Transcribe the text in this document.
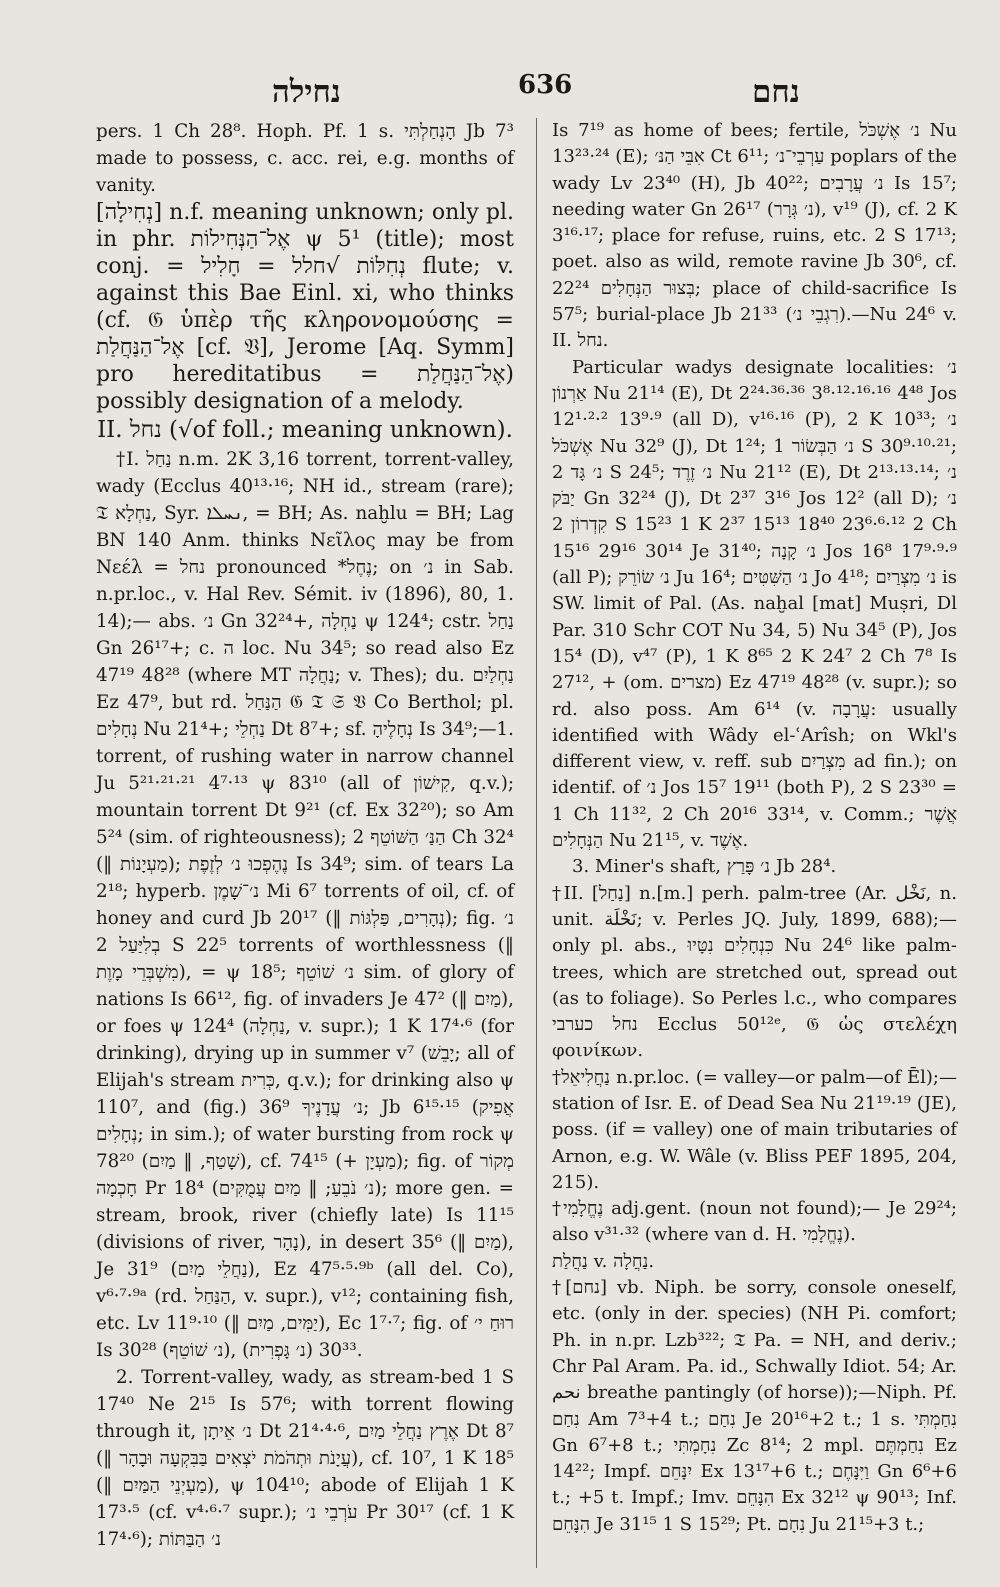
נחילה	636	נחם

pers. 1 Ch 28⁸. Hoph. Pf. 1 s. הָנְחַלְתִּי Jb 7³ made to possess, c. acc. rei, e.g. months of vanity.

[נְחִילָה] n.f. meaning unknown; only pl. in phr. אֶל־הַנְּחִילוֹת ψ 5¹ (title); most conj. = נְחִלּוֹת √חלל = חָלִיל flute; v. against this Bae Einl. xi, who thinks (cf. 𝔊 ὑπὲρ τῆς κληρονομούσης = אֶל־הַנַּחֲלַת [cf. 𝔙], Jerome [Aq. Symm] pro hereditatibus = אֶל־הַנַּחֲלַת) possibly designation of a melody.

II. נחל (√of foll.; meaning unknown).

†I. נַחַל n.m. 2K 3,16 torrent, torrent-valley, wady (Ecclus 40¹³·¹⁶; NH id., stream (rare); 𝔗 נַחְלָא, Syr. ܢܚܠܐ, = BH; As. naḫlu = BH; Lag BN 140 Anm. thinks Νεῖλος may be from Νεέλ = נחל pronounced *נֶחֶל; on נ׳ in Sab. n.pr.loc., v. Hal Rev. Sémit. iv (1896), 80, 1. 14);— abs. נ׳ Gn 32²⁴+, נַחְלָה ψ 124⁴; cstr. נַחַל Gn 26¹⁷+; c. ה loc. Nu 34⁵; so read also Ez 47¹⁹ 48²⁸ (where MT נַחֲלָה; v. Thes); du. נַחְלַיִם Ez 47⁹, but rd. הַנַּחַל 𝔊 𝔗 𝔖 𝔙 Co Berthol; pl. נְחָלִים Nu 21⁴+; נַחְלֵי Dt 8⁷+; sf. נְחָלֶיהָ Is 34⁹;—1. torrent, of rushing water in narrow channel Ju 5²¹·²¹·²¹ 4⁷·¹³ ψ 83¹⁰ (all of קִישׁוֹן, q.v.); mountain torrent Dt 9²¹ (cf. Ex 32²⁰); so Am 5²⁴ (sim. of righteousness); הַנַּ׳ הַשּׁוֹטֵף 2 Ch 32⁴ (‖ מַעְיָנוֹת); נֶהֶפְכוּ נ׳ לְזֶפֶת Is 34⁹; sim. of tears La 2¹⁸; hyperb. נ׳־שָׁמֶן Mi 6⁷ torrents of oil, cf. of honey and curd Jb 20¹⁷ (‖ נְהָרִים, פַּלְגּוֹת); fig. נ׳ בְלִיַּעַל 2 S 22⁵ torrents of worthlessness (‖ מִשְׁבְּרֵי מָוֶת), = ψ 18⁵; נ׳ שׁוֹטֵף sim. of glory of nations Is 66¹², fig. of invaders Je 47² (‖ מַיִם), or foes ψ 124⁴ (נַחְלָה, v. supr.); 1 K 17⁴·⁶ (for drinking), drying up in summer v⁷ (יָבֵשׁ; all of Elijah's stream כְּרִית, q.v.); for drinking also ψ 110⁷, and (fig.) נ׳ עֲדָנֶיךָ 36⁹; Jb 6¹⁵·¹⁵ (אֲפִיק נְחָלִים; in sim.); of water bursting from rock ψ 78²⁰ (שָׁטַף, ‖ מַיִם), cf. 74¹⁵ (+ מַעְיָן); fig. of מְקוֹר חָכְמָה Pr 18⁴ (נ׳ נֹבֵעַ; ‖ מַיִם עֲמֻקִּים); more gen. = stream, brook, river (chiefly late) Is 11¹⁵ (divisions of river, נָהָר), in desert 35⁶ (‖ מַיִם), Je 31⁹ (נַחֲלֵי מַיִם), Ez 47⁵·⁵·⁹ᵇ (all del. Co), v⁶·⁷·⁹ᵃ (rd. הַנַּחַל, v. supr.), v¹²; containing fish, etc. Lv 11⁹·¹⁰ (‖ יַמִּים, מַיִם), Ec 1⁷·⁷; fig. of רוּחַ י׳ Is 30²⁸ (נ׳ שׁוֹטֵף), 30³³ (נ׳ גָּפְרִית).

2. Torrent-valley, wady, as stream-bed 1 S 17⁴⁰ Ne 2¹⁵ Is 57⁶; with torrent flowing through it, נ׳ אֵיתָן Dt 21⁴·⁴·⁶, אֶרֶץ נַחֲלֵי מַיִם Dt 8⁷ (‖ עֲיָנֹת וּתְהֹמֹת יֹצְאִים בַּבִּקְעָה וּבָהָר), cf. 10⁷, 1 K 18⁵ (‖ מַעְיְנֵי הַמַּיִם), ψ 104¹⁰; abode of Elijah 1 K 17³·⁵ (cf. v⁴·⁶·⁷ supr.); עֹרְבֵי נ׳ Pr 30¹⁷ (cf. 1 K 17⁴·⁶); נ׳ הַבַּתּוֹת

Is 7¹⁹ as home of bees; fertile, נ׳ אֶשְׁכֹּל Nu 13²³·²⁴ (E); אִבֵּי הַנּ׳ Ct 6¹¹; עַרְבֵי־נ׳ poplars of the wady Lv 23⁴⁰ (H), Jb 40²²; נ׳ עֲרָבִים Is 15⁷; needing water Gn 26¹⁷ (נ׳ גְּרָר), v¹⁹ (J), cf. 2 K 3¹⁶·¹⁷; place for refuse, ruins, etc. 2 S 17¹³; poet. also as wild, remote ravine Jb 30⁶, cf. בְּצוּר הַנְּחָלִים 22²⁴; place of child-sacrifice Is 57⁵; burial-place Jb 21³³ (רִגְבֵי נ׳).—Nu 24⁶ v. II. נחל.

Particular wadys designate localities: נ׳ אַרְנוֹן Nu 21¹⁴ (E), Dt 2²⁴·³⁶·³⁶ 3⁸·¹²·¹⁶·¹⁶ 4⁴⁸ Jos 12¹·²·² 13⁹·⁹ (all D), v¹⁶·¹⁶ (P), 2 K 10³³; נ׳ אֶשְׁכֹּל Nu 32⁹ (J), Dt 1²⁴; נ׳ הַבְּשׂוֹר 1 S 30⁹·¹⁰·²¹; נ׳ גָּד 2 S 24⁵; נ׳ זֶרֶד Nu 21¹² (E), Dt 2¹³·¹³·¹⁴; נ׳ יַבֹּק Gn 32²⁴ (J), Dt 2³⁷ 3¹⁶ Jos 12² (all D); נ׳ קִדְרוֹן 2 S 15²³ 1 K 2³⁷ 15¹³ 18⁴⁰ 23⁶·⁶·¹² 2 Ch 15¹⁶ 29¹⁶ 30¹⁴ Je 31⁴⁰; נ׳ קָנָה Jos 16⁸ 17⁹·⁹·⁹ (all P); נ׳ שׂוֹרֵק Ju 16⁴; נ׳ הַשִּׁטִּים Jo 4¹⁸; נ׳ מִצְרַיִם is SW. limit of Pal. (As. naḫal [mat] Muṣri, Dl Par. 310 Schr COT Nu 34, 5) Nu 34⁵ (P), Jos 15⁴ (D), v⁴⁷ (P), 1 K 8⁶⁵ 2 K 24⁷ 2 Ch 7⁸ Is 27¹², + (om. מצרים) Ez 47¹⁹ 48²⁸ (v. supr.); so rd. also poss. Am 6¹⁴ (v. עֲרָבָה: usually identified with Wâdy el-ʿArîsh; on Wkl's different view, v. reff. sub מִצְרַיִם ad fin.); on identif. of נ׳ Jos 15⁷ 19¹¹ (both P), 2 S 23³⁰ = 1 Ch 11³², 2 Ch 20¹⁶ 33¹⁴, v. Comm.; אֲשֶׁר הַנְּחָלִים Nu 21¹⁵, v. אֶשֶׁד.

3. Miner's shaft, נ׳ פָּרַץ Jb 28⁴.

†II. [נַחַל] n.[m.] perh. palm-tree (Ar. نَخْل, n. unit. نَخْلَة; v. Perles JQ. July, 1899, 688);— only pl. abs., כִּנְחָלִים נִטָּיוּ Nu 24⁶ like palm-trees, which are stretched out, spread out (as to foliage). So Perles l.c., who compares נחל כערבי Ecclus 50¹²ᵉ, 𝔊 ὡς στελέχη φοινίκων.

†נַחֲלִיאֵל n.pr.loc. (= valley—or palm—of Ēl);—station of Isr. E. of Dead Sea Nu 21¹⁹·¹⁹ (JE), poss. (if = valley) one of main tributaries of Arnon, e.g. W. Wâle (v. Bliss PEF 1895, 204, 215).

†נֶחֱלָמִי adj.gent. (noun not found);— Je 29²⁴; also v³¹·³² (where van d. H. נֶחֱלָמִי).

נַחֲלַת v. נַחֲלָה.

†[נחם] vb. Niph. be sorry, console oneself, etc. (only in der. species) (NH Pi. comfort; Ph. in n.pr. Lzb³²²; 𝔗 Pa. = NH, and deriv.; Chr Pal Aram. Pa. id., Schwally Idiot. 54; Ar. نحم breathe pantingly (of horse));—Niph. Pf. נִחַם Am 7³+4 t.; נִחַם Je 20¹⁶+2 t.; 1 s. נִחַמְתִּי Gn 6⁷+8 t.; נִחָמְתִּי Zc 8¹⁴; 2 mpl. נִחַמְתֶּם Ez 14²²; Impf. יִנָּחֵם Ex 13¹⁷+6 t.; וַיִּנָּחֶם Gn 6⁶+6 t.; +5 t. Impf.; Imv. הִנָּחֵם Ex 32¹² ψ 90¹³; Inf. הִנָּחֵם Je 31¹⁵ 1 S 15²⁹; Pt. נִחָם Ju 21¹⁵+3 t.;
